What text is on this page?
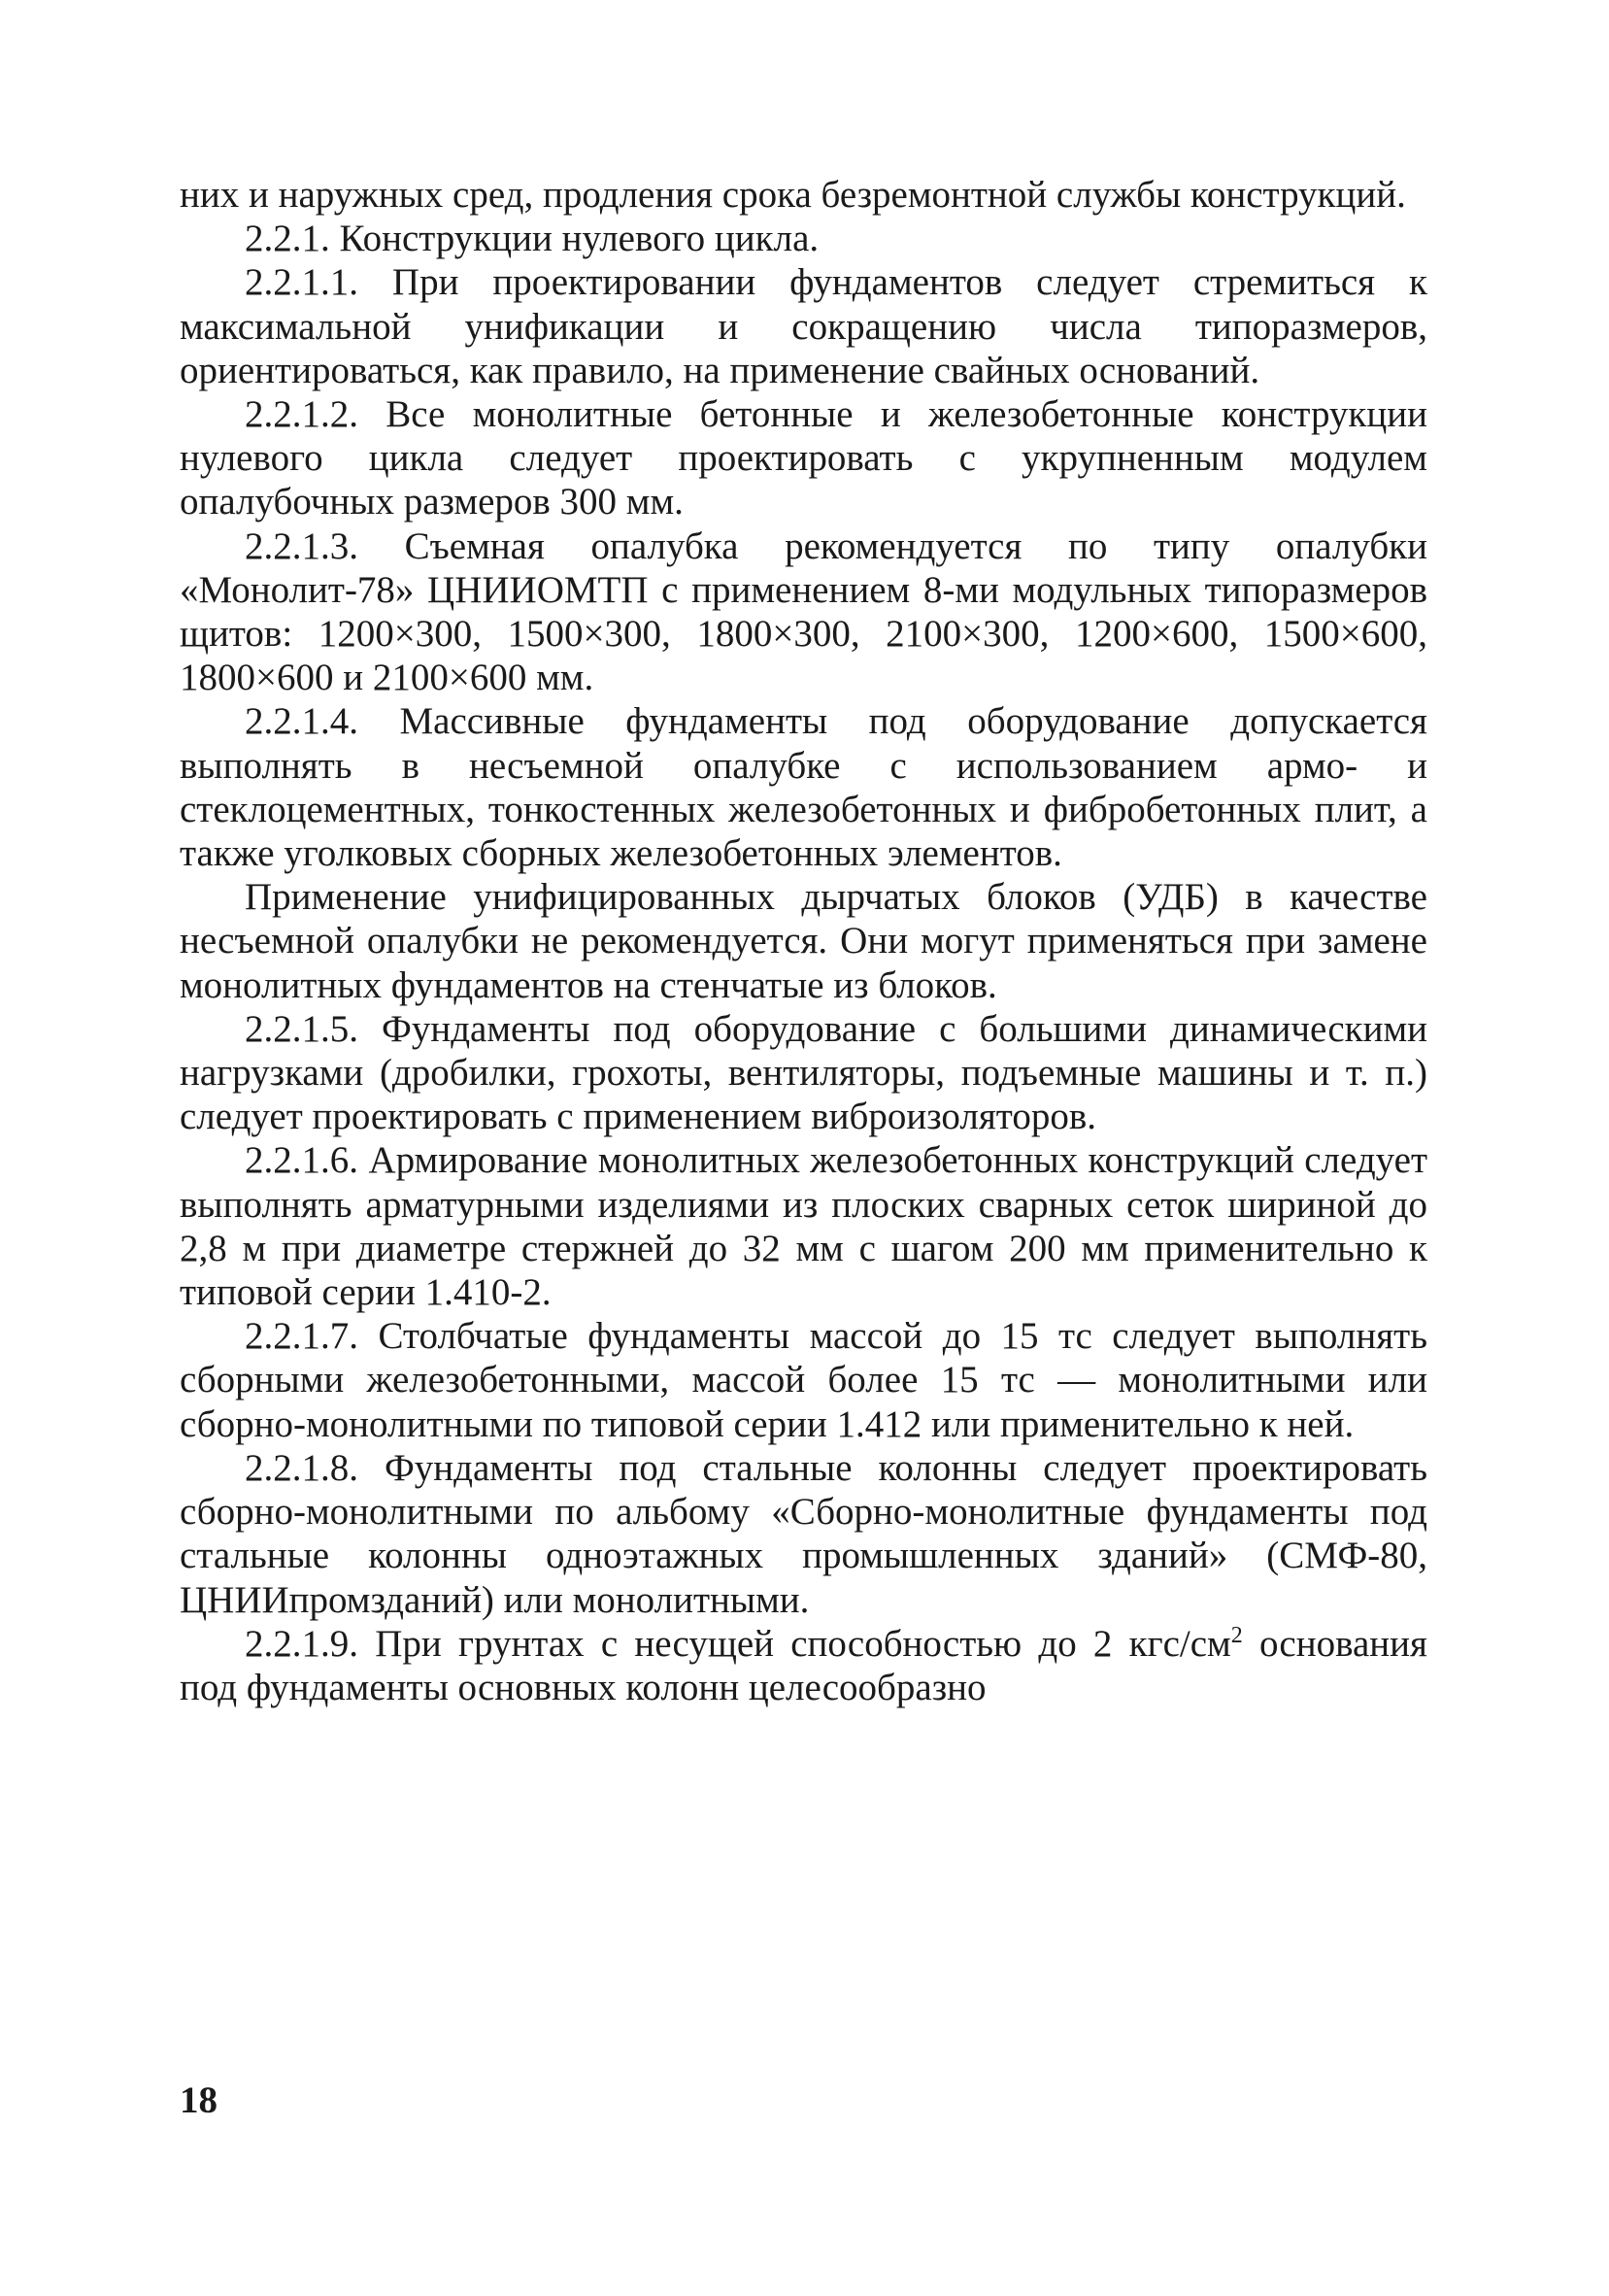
них и наружных сред, продления срока безремонтной службы конструкций.

2.2.1. Конструкции нулевого цикла.

2.2.1.1. При проектировании фундаментов следует стремиться к максимальной унификации и сокращению числа типоразмеров, ориентироваться, как правило, на применение свайных оснований.

2.2.1.2. Все монолитные бетонные и железобетонные конструкции нулевого цикла следует проектировать с укрупненным модулем опалубочных размеров 300 мм.

2.2.1.3. Съемная опалубка рекомендуется по типу опалубки «Монолит-78» ЦНИИОМТП с применением 8-ми модульных типоразмеров щитов: 1200×300, 1500×300, 1800×300, 2100×300, 1200×600, 1500×600, 1800×600 и 2100×600 мм.

2.2.1.4. Массивные фундаменты под оборудование допускается выполнять в несъемной опалубке с использованием армо- и стеклоцементных, тонкостенных железобетонных и фибробетонных плит, а также уголковых сборных железобетонных элементов.

Применение унифицированных дырчатых блоков (УДБ) в качестве несъемной опалубки не рекомендуется. Они могут применяться при замене монолитных фундаментов на стенчатые из блоков.

2.2.1.5. Фундаменты под оборудование с большими динамическими нагрузками (дробилки, грохоты, вентиляторы, подъемные машины и т. п.) следует проектировать с применением виброизоляторов.

2.2.1.6. Армирование монолитных железобетонных конструкций следует выполнять арматурными изделиями из плоских сварных сеток шириной до 2,8 м при диаметре стержней до 32 мм с шагом 200 мм применительно к типовой серии 1.410-2.

2.2.1.7. Столбчатые фундаменты массой до 15 тс следует выполнять сборными железобетонными, массой более 15 тс — монолитными или сборно-монолитными по типовой серии 1.412 или применительно к ней.

2.2.1.8. Фундаменты под стальные колонны следует проектировать сборно-монолитными по альбому «Сборно-монолитные фундаменты под стальные колонны одноэтажных промышленных зданий» (СМФ-80, ЦНИИпромзданий) или монолитными.

2.2.1.9. При грунтах с несущей способностью до 2 кгс/$см^2$ основания под фундаменты основных колонн целесообразно

18
